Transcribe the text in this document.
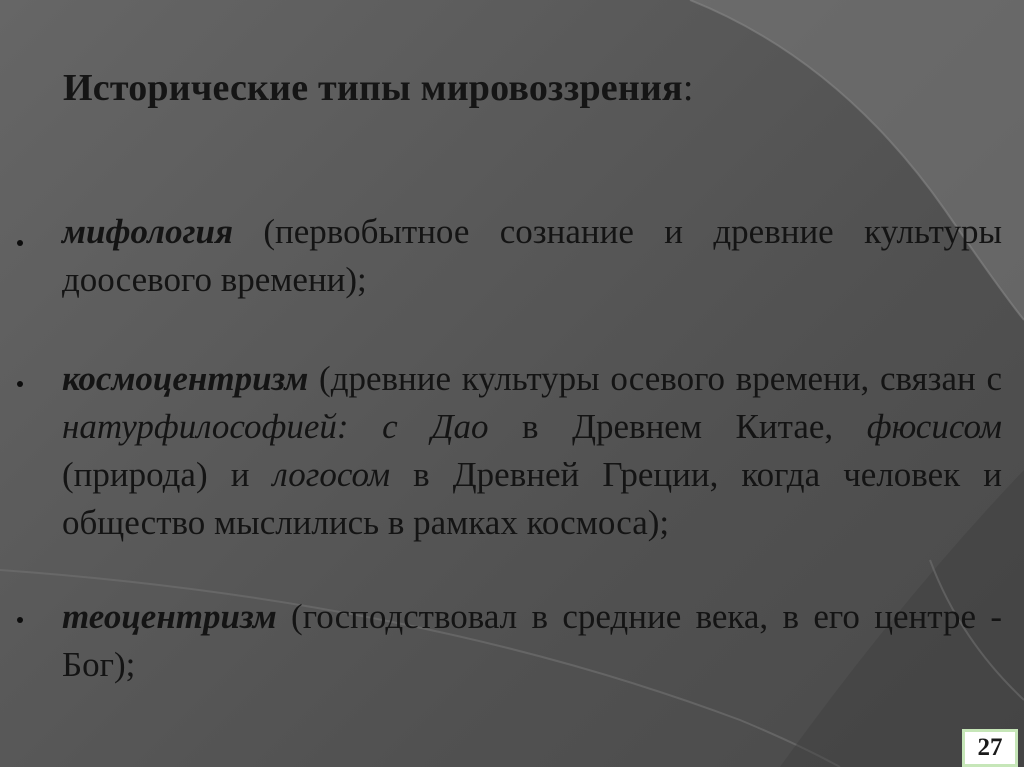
Исторические типы мировоззрения:
мифология (первобытное сознание и древние культуры доосевого времени);
космоцентризм (древние культуры осевого времени, связан с натурфилософией: с Дао в Древнем Китае, фюсисом (природа) и логосом в Древней Греции, когда человек и общество мыслились в рамках космоса);
теоцентризм (господствовал в средние века, в его центре - Бог);
27
